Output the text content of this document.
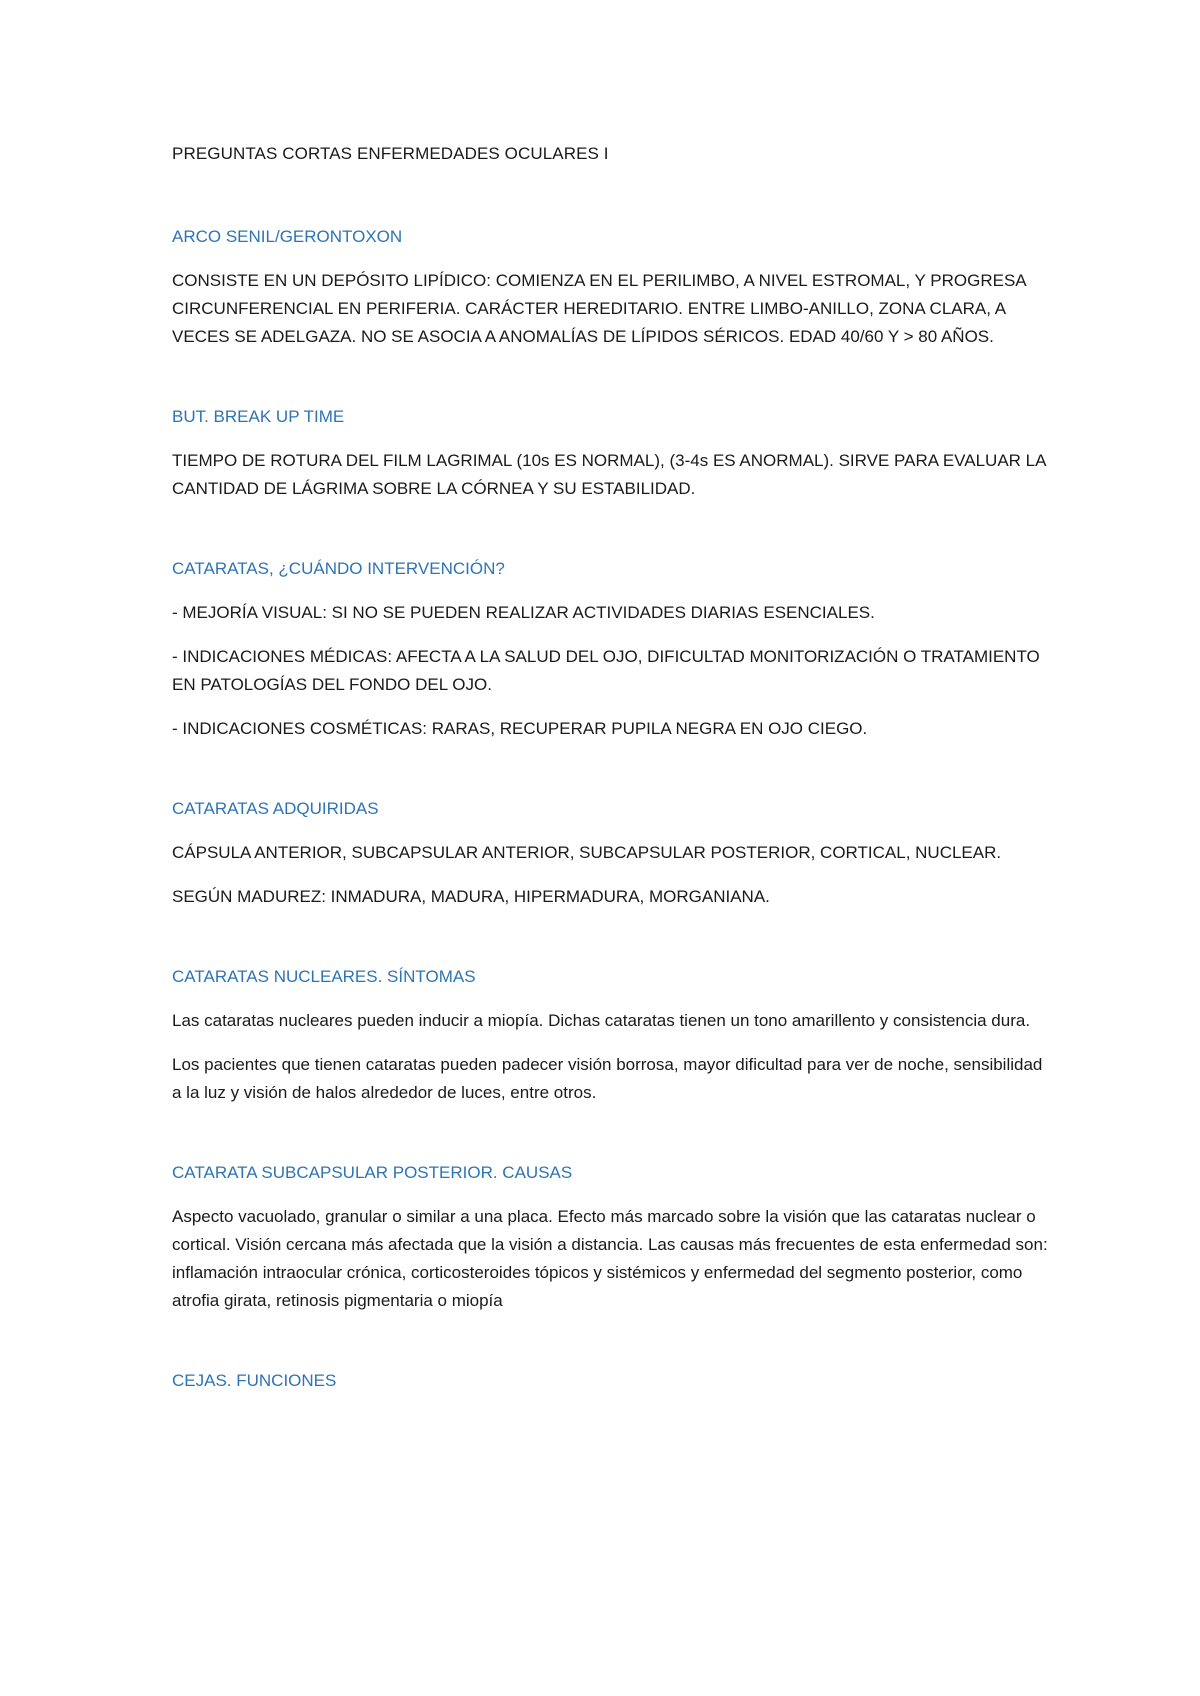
PREGUNTAS CORTAS ENFERMEDADES OCULARES I
ARCO SENIL/GERONTOXON

CONSISTE EN UN DEPÓSITO LIPÍDICO: COMIENZA EN EL PERILIMBO, A NIVEL ESTROMAL, Y PROGRESA CIRCUNFERENCIAL EN PERIFERIA. CARÁCTER HEREDITARIO. ENTRE LIMBO-ANILLO, ZONA CLARA, A VECES SE ADELGAZA. NO SE ASOCIA A ANOMALÍAS DE LÍPIDOS SÉRICOS. EDAD 40/60 Y > 80 AÑOS.

BUT. BREAK UP TIME

TIEMPO DE ROTURA DEL FILM LAGRIMAL (10s ES NORMAL), (3-4s ES ANORMAL). SIRVE PARA EVALUAR LA CANTIDAD DE LÁGRIMA SOBRE LA CÓRNEA Y SU ESTABILIDAD.

CATARATAS, ¿CUÁNDO INTERVENCIÓN?

- MEJORÍA VISUAL: SI NO SE PUEDEN REALIZAR ACTIVIDADES DIARIAS ESENCIALES.

- INDICACIONES MÉDICAS: AFECTA A LA SALUD DEL OJO, DIFICULTAD MONITORIZACIÓN O TRATAMIENTO EN PATOLOGÍAS DEL FONDO DEL OJO.

- INDICACIONES COSMÉTICAS: RARAS, RECUPERAR PUPILA NEGRA EN OJO CIEGO.

CATARATAS ADQUIRIDAS

CÁPSULA ANTERIOR, SUBCAPSULAR ANTERIOR, SUBCAPSULAR POSTERIOR, CORTICAL, NUCLEAR.

SEGÚN MADUREZ: INMADURA, MADURA, HIPERMADURA, MORGANIANA.

CATARATAS NUCLEARES. SÍNTOMAS

Las cataratas nucleares pueden inducir a miopía. Dichas cataratas tienen un tono amarillento y consistencia dura.

Los pacientes que tienen cataratas pueden padecer visión borrosa, mayor dificultad para ver de noche, sensibilidad a la luz y visión de halos alrededor de luces, entre otros.

CATARATA SUBCAPSULAR POSTERIOR. CAUSAS

Aspecto vacuolado, granular o similar a una placa. Efecto más marcado sobre la visión que las cataratas nuclear o cortical. Visión cercana más afectada que la visión a distancia. Las causas más frecuentes de esta enfermedad son: inflamación intraocular crónica, corticosteroides tópicos y sistémicos y enfermedad del segmento posterior, como atrofia girata, retinosis pigmentaria o miopía

CEJAS. FUNCIONES
